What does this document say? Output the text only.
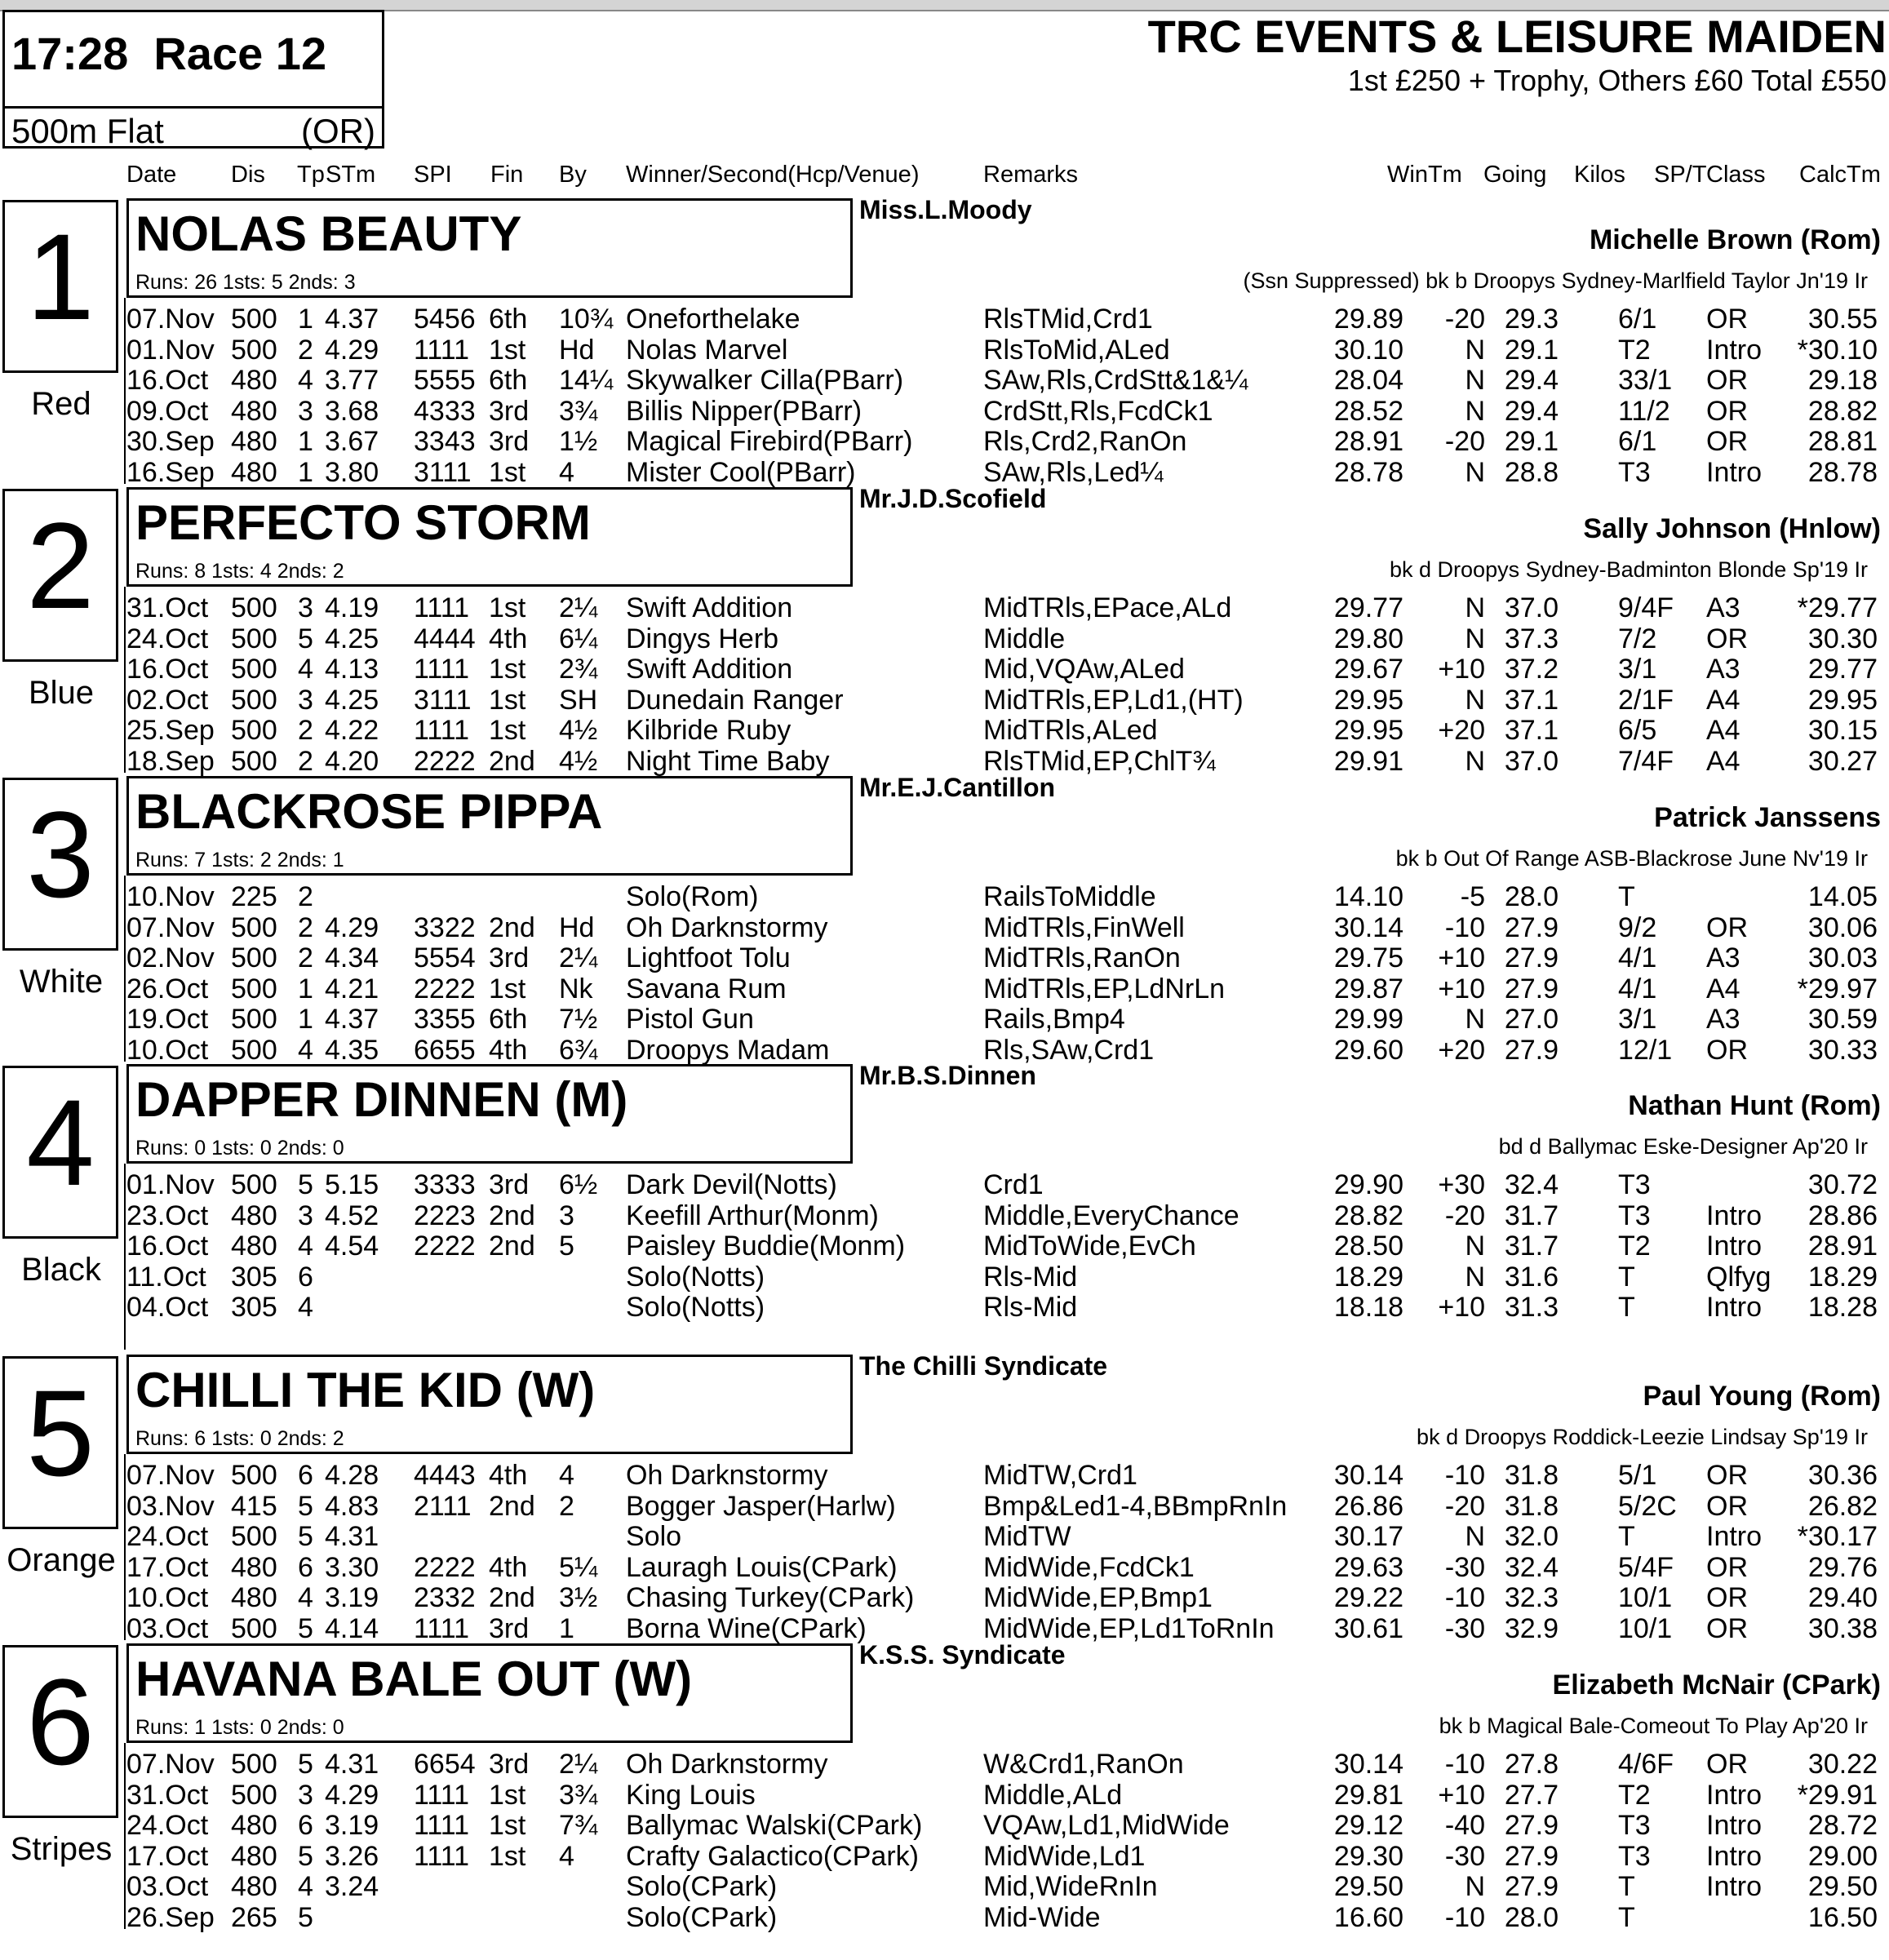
17:28 Race 12
500m Flat	(OR)
TRC EVENTS & LEISURE MAIDEN
1st £250 + Trophy, Others £60 Total £550
Date Dis Tp STm SPI Fin By Winner/Second(Hcp/Venue)	Remarks	WinTm Going Kilos SP/T Class CalcTm
1
Red
NOLAS BEAUTY
Runs: 26 1sts: 5 2nds: 3
Miss.L.Moody
Michelle Brown (Rom)
(Ssn Suppressed) bk b Droopys Sydney-Marlfield Taylor Jn'19 Ir
07.Nov 500 1 4.37 5456 6th 10¾ Oneforthelake	RlsTMid,Crd1	29.89 -20 29.3 6/1 OR 30.55
01.Nov 500 2 4.29 1111 1st Hd Nolas Marvel	RlsToMid,ALed	30.10 N 29.1 T2 Intro *30.10
16.Oct 480 4 3.77 5555 6th 14¼ Skywalker Cilla(PBarr)	SAw,Rls,CrdStt&1&¼	28.04 N 29.4 33/1 OR 29.18
09.Oct 480 3 3.68 4333 3rd 3¾ Billis Nipper(PBarr)	CrdStt,Rls,FcdCk1	28.52 N 29.4 11/2 OR 28.82
30.Sep 480 1 3.67 3343 3rd 1½ Magical Firebird(PBarr)	Rls,Crd2,RanOn	28.91 -20 29.1 6/1 OR 28.81
16.Sep 480 1 3.80 3111 1st 4 Mister Cool(PBarr)	SAw,Rls,Led¼	28.78 N 28.8 T3 Intro 28.78
2
Blue
PERFECTO STORM
Runs: 8 1sts: 4 2nds: 2
Mr.J.D.Scofield
Sally Johnson (Hnlow)
bk d Droopys Sydney-Badminton Blonde Sp'19 Ir
31.Oct 500 3 4.19 1111 1st 2¼ Swift Addition	MidTRls,EPace,ALd	29.77 N 37.0 9/4F A3 *29.77
24.Oct 500 5 4.25 4444 4th 6¼ Dingys Herb	Middle	29.80 N 37.3 7/2 OR 30.30
16.Oct 500 4 4.13 1111 1st 2¾ Swift Addition	Mid,VQAw,ALed	29.67 +10 37.2 3/1 A3 29.77
02.Oct 500 3 4.25 3111 1st SH Dunedain Ranger	MidTRls,EP,Ld1,(HT)	29.95 N 37.1 2/1F A4 29.95
25.Sep 500 2 4.22 1111 1st 4½ Kilbride Ruby	MidTRls,ALed	29.95 +20 37.1 6/5 A4 30.15
18.Sep 500 2 4.20 2222 2nd 4½ Night Time Baby	RlsTMid,EP,ChlT¾	29.91 N 37.0 7/4F A4 30.27
3
White
BLACKROSE PIPPA
Runs: 7 1sts: 2 2nds: 1
Mr.E.J.Cantillon
Patrick Janssens
bk b Out Of Range ASB-Blackrose June Nv'19 Ir
10.Nov 225 2	Solo(Rom)	RailsToMiddle	14.10 -5 28.0 T	14.05
07.Nov 500 2 4.29 3322 2nd Hd Oh Darknstormy	MidTRls,FinWell	30.14 -10 27.9 9/2 OR 30.06
02.Nov 500 2 4.34 5554 3rd 2¼ Lightfoot Tolu	MidTRls,RanOn	29.75 +10 27.9 4/1 A3 30.03
26.Oct 500 1 4.21 2222 1st Nk Savana Rum	MidTRls,EP,LdNrLn	29.87 +10 27.9 4/1 A4 *29.97
19.Oct 500 1 4.37 3355 6th 7½ Pistol Gun	Rails,Bmp4	29.99 N 27.0 3/1 A3 30.59
10.Oct 500 4 4.35 6655 4th 6¾ Droopys Madam	Rls,SAw,Crd1	29.60 +20 27.9 12/1 OR 30.33
4
Black
DAPPER DINNEN (M)
Runs: 0 1sts: 0 2nds: 0
Mr.B.S.Dinnen
Nathan Hunt (Rom)
bd d Ballymac Eske-Designer Ap'20 Ir
01.Nov 500 5 5.15 3333 3rd 6½ Dark Devil(Notts)	Crd1	29.90 +30 32.4 T3	30.72
23.Oct 480 3 4.52 2223 2nd 3 Keefill Arthur(Monm)	Middle,EveryChance	28.82 -20 31.7 T3 Intro 28.86
16.Oct 480 4 4.54 2222 2nd 5 Paisley Buddie(Monm)	MidToWide,EvCh	28.50 N 31.7 T2 Intro 28.91
11.Oct 305 6	Solo(Notts)	Rls-Mid	18.29 N 31.6 T	Qlfyg 18.29
04.Oct 305 4	Solo(Notts)	Rls-Mid	18.18 +10 31.3 T	Intro 18.28
5
Orange
CHILLI THE KID (W)
Runs: 6 1sts: 0 2nds: 2
The Chilli Syndicate
Paul Young (Rom)
bk d Droopys Roddick-Leezie Lindsay Sp'19 Ir
07.Nov 500 6 4.28 4443 4th 4 Oh Darknstormy	MidTW,Crd1	30.14 -10 31.8 5/1 OR 30.36
03.Nov 415 5 4.83 2111 2nd 2 Bogger Jasper(Harlw)	Bmp&Led1-4,BBmpRnIn 26.86 -20 31.8 5/2C OR 26.82
24.Oct 500 5 4.31	Solo	MidTW	30.17 N 32.0 T	Intro *30.17
17.Oct 480 6 3.30 2222 4th 5¼ Lauragh Louis(CPark)	MidWide,FcdCk1	29.63 -30 32.4 5/4F OR 29.76
10.Oct 480 4 3.19 2332 2nd 3½ Chasing Turkey(CPark) MidWide,EP,Bmp1	29.22 -10 32.3 10/1 OR 29.40
03.Oct 500 5 4.14 1111 3rd 1 Borna Wine(CPark)	MidWide,EP,Ld1ToRnIn 30.61 -30 32.9 10/1 OR 30.38
6
Stripes
HAVANA BALE OUT (W)
Runs: 1 1sts: 0 2nds: 0
K.S.S. Syndicate
Elizabeth McNair (CPark)
bk b Magical Bale-Comeout To Play Ap'20 Ir
07.Nov 500 5 4.31 6654 3rd 2¼ Oh Darknstormy	W&Crd1,RanOn	30.14 -10 27.8 4/6F OR 30.22
31.Oct 500 3 4.29 1111 1st 3¾ King Louis	Middle,ALd	29.81 +10 27.7 T2 Intro *29.91
24.Oct 480 6 3.19 1111 1st 7¾ Ballymac Walski(CPark) VQAw,Ld1,MidWide	29.12 -40 27.9 T3 Intro 28.72
17.Oct 480 5 3.26 1111 1st 4 Crafty Galactico(CPark) MidWide,Ld1	29.30 -30 27.9 T3 Intro 29.00
03.Oct 480 4 3.24	Solo(CPark)	Mid,WideRnIn	29.50 N 27.9 T	Intro 29.50
26.Sep 265 5	Solo(CPark)	Mid-Wide	16.60 -10 28.0 T	16.50
